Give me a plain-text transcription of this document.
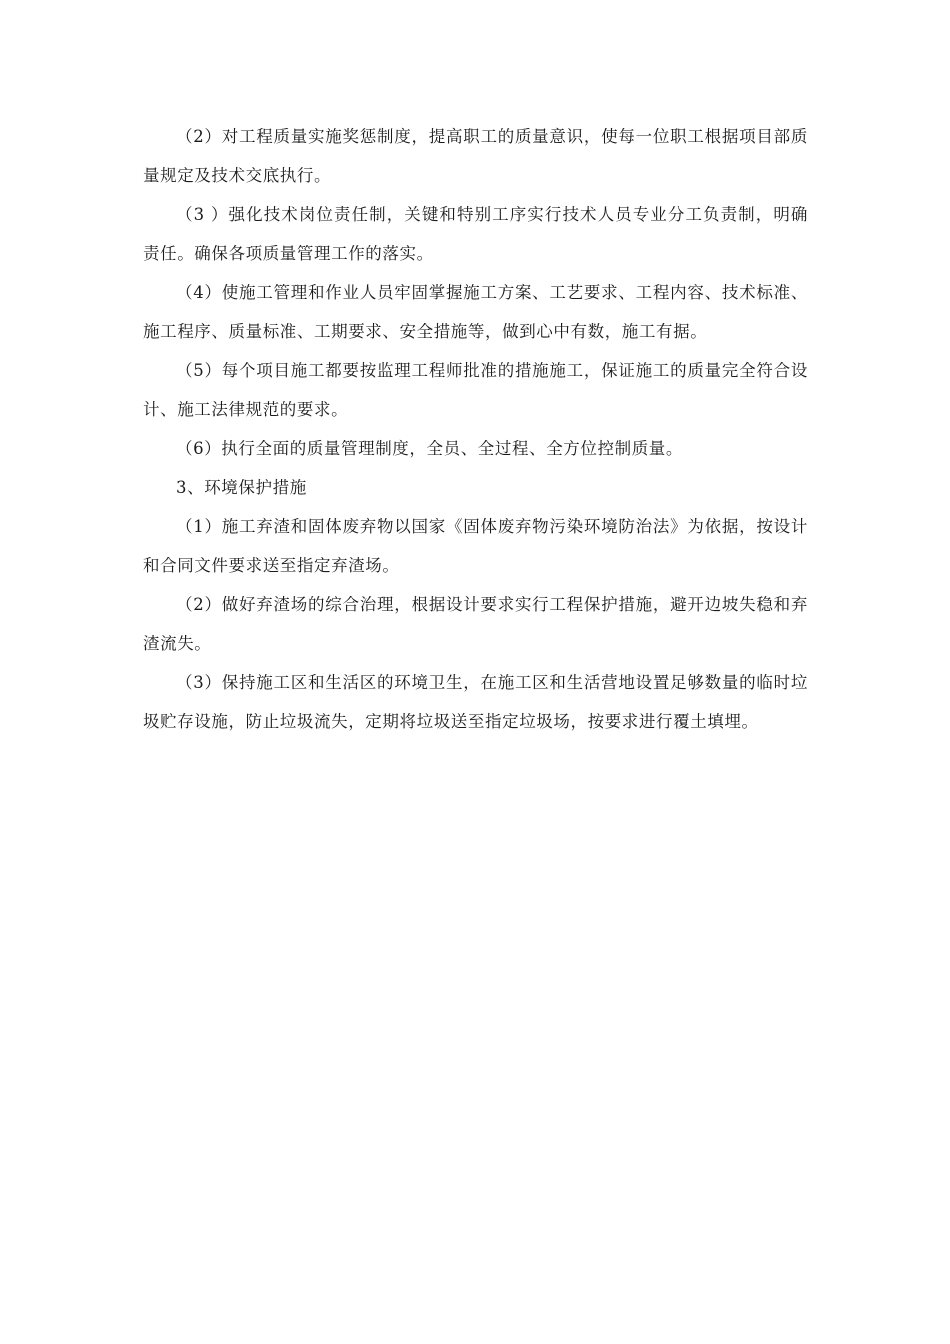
（2）对工程质量实施奖惩制度，提高职工的质量意识，使每一位职工根据项目部质量规定及技术交底执行。

（3 ）强化技术岗位责任制，关键和特别工序实行技术人员专业分工负责制，明确责任。确保各项质量管理工作的落实。

（4）使施工管理和作业人员牢固掌握施工方案、工艺要求、工程内容、技术标准、施工程序、质量标准、工期要求、安全措施等，做到心中有数，施工有据。

（5）每个项目施工都要按监理工程师批准的措施施工，保证施工的质量完全符合设计、施工法律规范的要求。

（6）执行全面的质量管理制度，全员、全过程、全方位控制质量。

3、环境保护措施

（1）施工弃渣和固体废弃物以国家《固体废弃物污染环境防治法》为依据，按设计和合同文件要求送至指定弃渣场。

（2）做好弃渣场的综合治理，根据设计要求实行工程保护措施，避开边坡失稳和弃渣流失。

（3）保持施工区和生活区的环境卫生，在施工区和生活营地设置足够数量的临时垃圾贮存设施，防止垃圾流失，定期将垃圾送至指定垃圾场，按要求进行覆土填埋。
